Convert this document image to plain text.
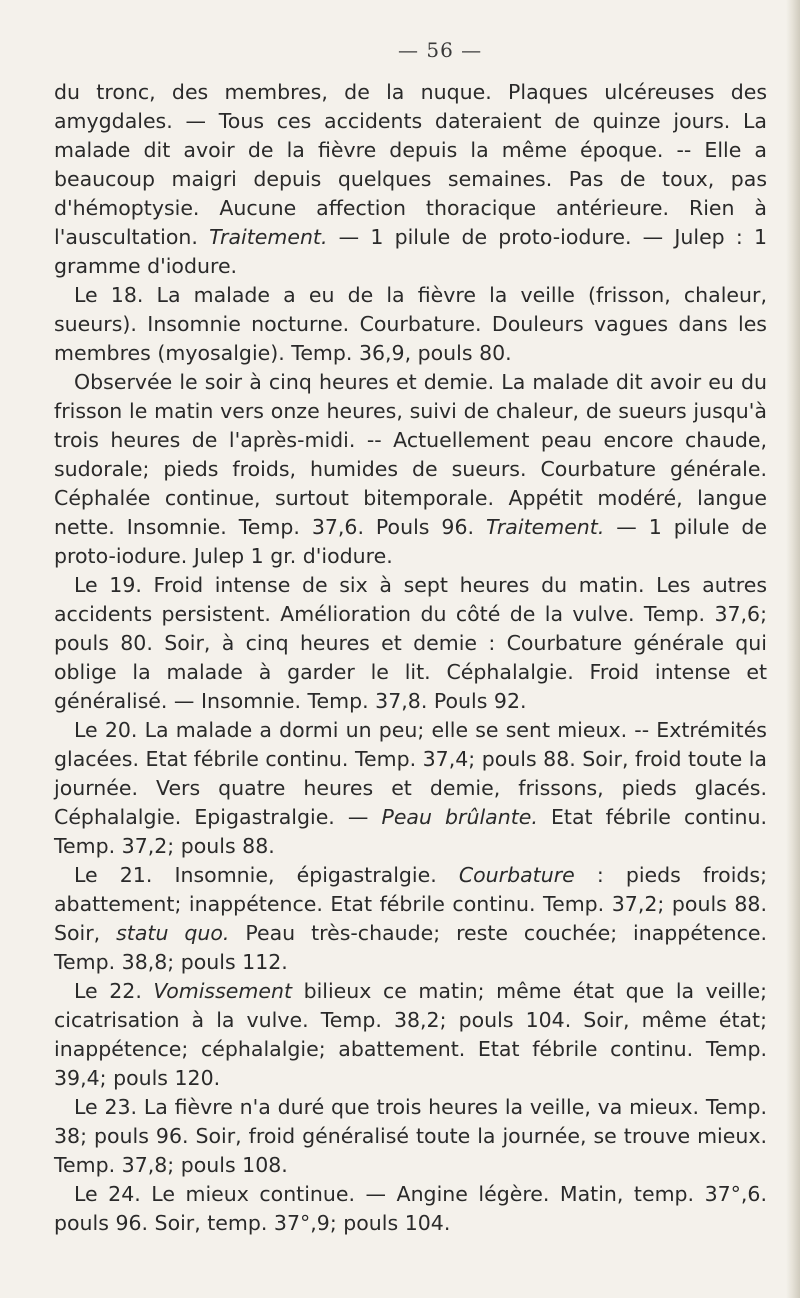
— 56 —

du tronc, des membres, de la nuque. Plaques ulcéreuses des amygdales. — Tous ces accidents dateraient de quinze jours. La malade dit avoir de la fièvre depuis la même époque. -- Elle a beaucoup maigri depuis quelques semaines. Pas de toux, pas d'hémoptysie. Aucune affection thoracique antérieure. Rien à l'auscultation. Traitement. — 1 pilule de proto-iodure. — Julep : 1 gramme d'iodure.

Le 18. La malade a eu de la fièvre la veille (frisson, chaleur, sueurs). Insomnie nocturne. Courbature. Douleurs vagues dans les membres (myosalgie). Temp. 36,9, pouls 80.

Observée le soir à cinq heures et demie. La malade dit avoir eu du frisson le matin vers onze heures, suivi de chaleur, de sueurs jusqu'à trois heures de l'après-midi. -- Actuellement peau encore chaude, sudorale; pieds froids, humides de sueurs. Courbature générale. Céphalée continue, surtout bitemporale. Appétit modéré, langue nette. Insomnie. Temp. 37,6. Pouls 96. Traitement. — 1 pilule de proto-iodure. Julep 1 gr. d'iodure.

Le 19. Froid intense de six à sept heures du matin. Les autres accidents persistent. Amélioration du côté de la vulve. Temp. 37,6; pouls 80. Soir, à cinq heures et demie : Courbature générale qui oblige la malade à garder le lit. Céphalalgie. Froid intense et généralisé. — Insomnie. Temp. 37,8. Pouls 92.

Le 20. La malade a dormi un peu; elle se sent mieux. -- Extrémités glacées. Etat fébrile continu. Temp. 37,4; pouls 88. Soir, froid toute la journée. Vers quatre heures et demie, frissons, pieds glacés. Céphalalgie. Epigastralgie. — Peau brûlante. Etat fébrile continu. Temp. 37,2; pouls 88.

Le 21. Insomnie, épigastralgie. Courbature : pieds froids; abattement; inappétence. Etat fébrile continu. Temp. 37,2; pouls 88. Soir, statu quo. Peau très-chaude; reste couchée; inappétence. Temp. 38,8; pouls 112.

Le 22. Vomissement bilieux ce matin; même état que la veille; cicatrisation à la vulve. Temp. 38,2; pouls 104. Soir, même état; inappétence; céphalalgie; abattement. Etat fébrile continu. Temp. 39,4; pouls 120.

Le 23. La fièvre n'a duré que trois heures la veille, va mieux. Temp. 38; pouls 96. Soir, froid généralisé toute la journée, se trouve mieux. Temp. 37,8; pouls 108.

Le 24. Le mieux continue. — Angine légère. Matin, temp. 37°,6. pouls 96. Soir, temp. 37°,9; pouls 104.
